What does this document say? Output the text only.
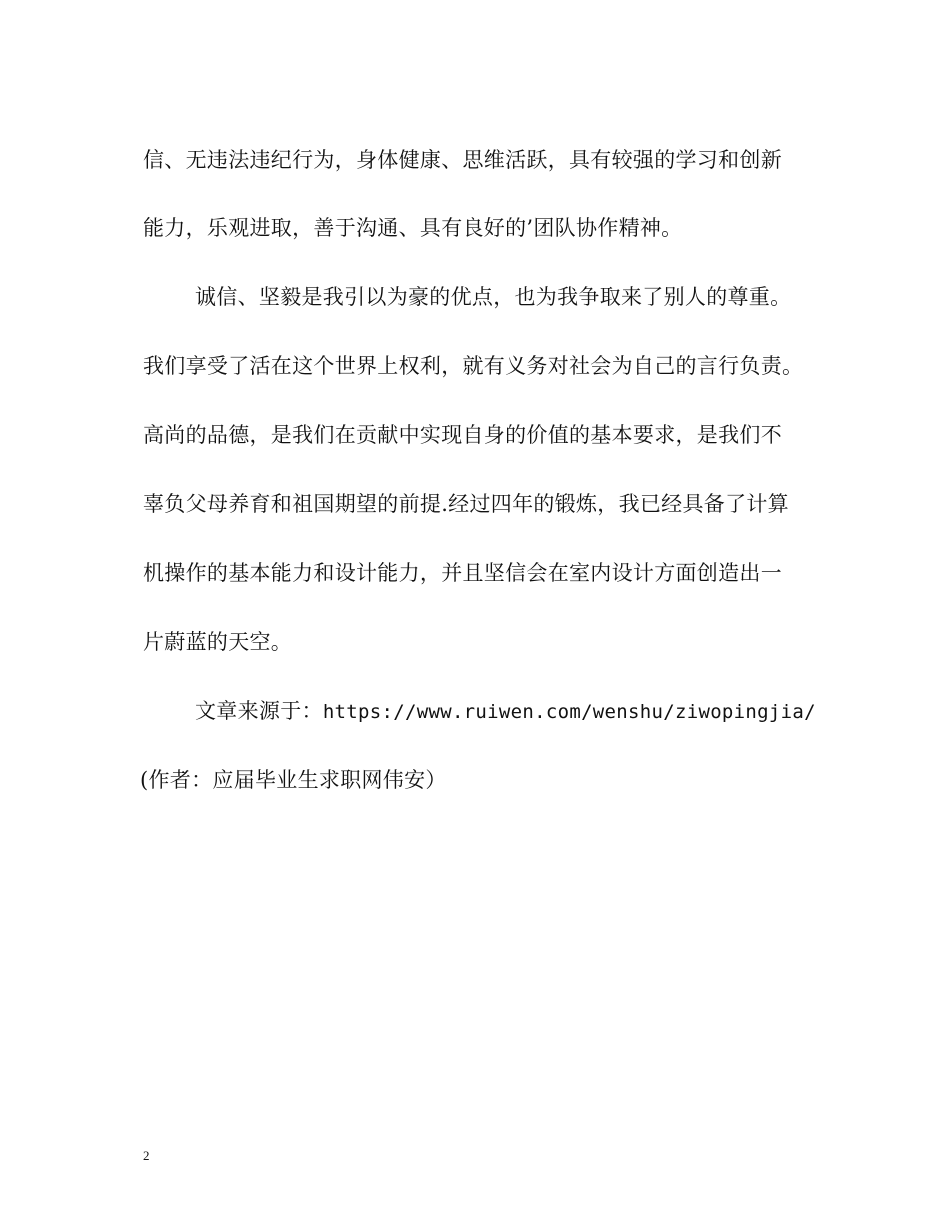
信、无违法违纪行为，身体健康、思维活跃，具有较强的学习和创新
能力，乐观进取，善于沟通、具有良好的’团队协作精神。
诚信、坚毅是我引以为豪的优点，也为我争取来了别人的尊重。
我们享受了活在这个世界上权利，就有义务对社会为自己的言行负责。
高尚的品德，是我们在贡献中实现自身的价值的基本要求，是我们不
辜负父母养育和祖国期望的前提.经过四年的锻炼，我已经具备了计算
机操作的基本能力和设计能力，并且坚信会在室内设计方面创造出一
片蔚蓝的天空。
文章来源于：https://www.ruiwen.com/wenshu/ziwopingjia/
(作者：应届毕业生求职网伟安）
2
